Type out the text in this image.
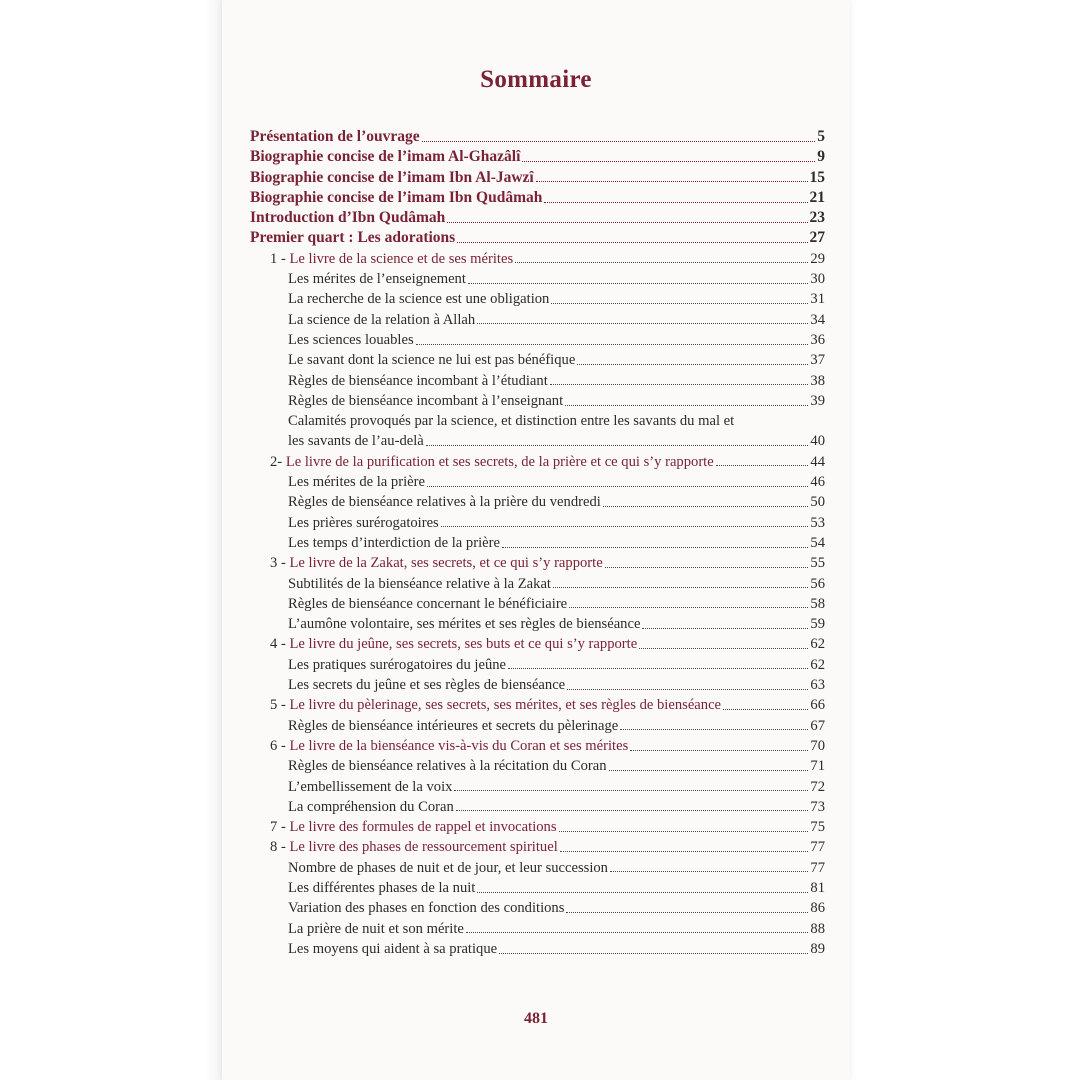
Sommaire
Présentation de l’ouvrage	5
Biographie concise de l’imam Al-Ghazâlî	9
Biographie concise de l’imam Ibn Al-Jawzî	15
Biographie concise de l’imam Ibn Qudâmah	21
Introduction d’Ibn Qudâmah	23
Premier quart : Les adorations	27
1 - Le livre de la science et de ses mérites	29
Les mérites de l’enseignement	30
La recherche de la science est une obligation	31
La science de la relation à Allah	34
Les sciences louables	36
Le savant dont la science ne lui est pas bénéfique	37
Règles de bienséance incombant à l’étudiant	38
Règles de bienséance incombant à l’enseignant	39
Calamités provoqués par la science, et distinction entre les savants du mal et
les savants de l’au-delà	40
2- Le livre de la purification et ses secrets, de la prière et ce qui s’y rapporte	44
Les mérites de la prière	46
Règles de bienséance relatives à la prière du vendredi	50
Les prières surérogatoires	53
Les temps d’interdiction de la prière	54
3 - Le livre de la Zakat, ses secrets, et ce qui s’y rapporte	55
Subtilités de la bienséance relative à la Zakat	56
Règles de bienséance concernant le bénéficiaire	58
L’aumône volontaire, ses mérites et ses règles de bienséance	59
4 - Le livre du jeûne, ses secrets, ses buts et ce qui s’y rapporte	62
Les pratiques surérogatoires du jeûne	62
Les secrets du jeûne et ses règles de bienséance	63
5 - Le livre du pèlerinage, ses secrets, ses mérites, et ses règles de bienséance	66
Règles de bienséance intérieures et secrets du pèlerinage	67
6 - Le livre de la bienséance vis-à-vis du Coran et ses mérites	70
Règles de bienséance relatives à la récitation du Coran	71
L’embellissement de la voix	72
La compréhension du Coran	73
7 - Le livre des formules de rappel et invocations	75
8 - Le livre des phases de ressourcement spirituel	77
Nombre de phases de nuit et de jour, et leur succession	77
Les différentes phases de la nuit	81
Variation des phases en fonction des conditions	86
La prière de nuit et son mérite	88
Les moyens qui aident à sa pratique	89
481
